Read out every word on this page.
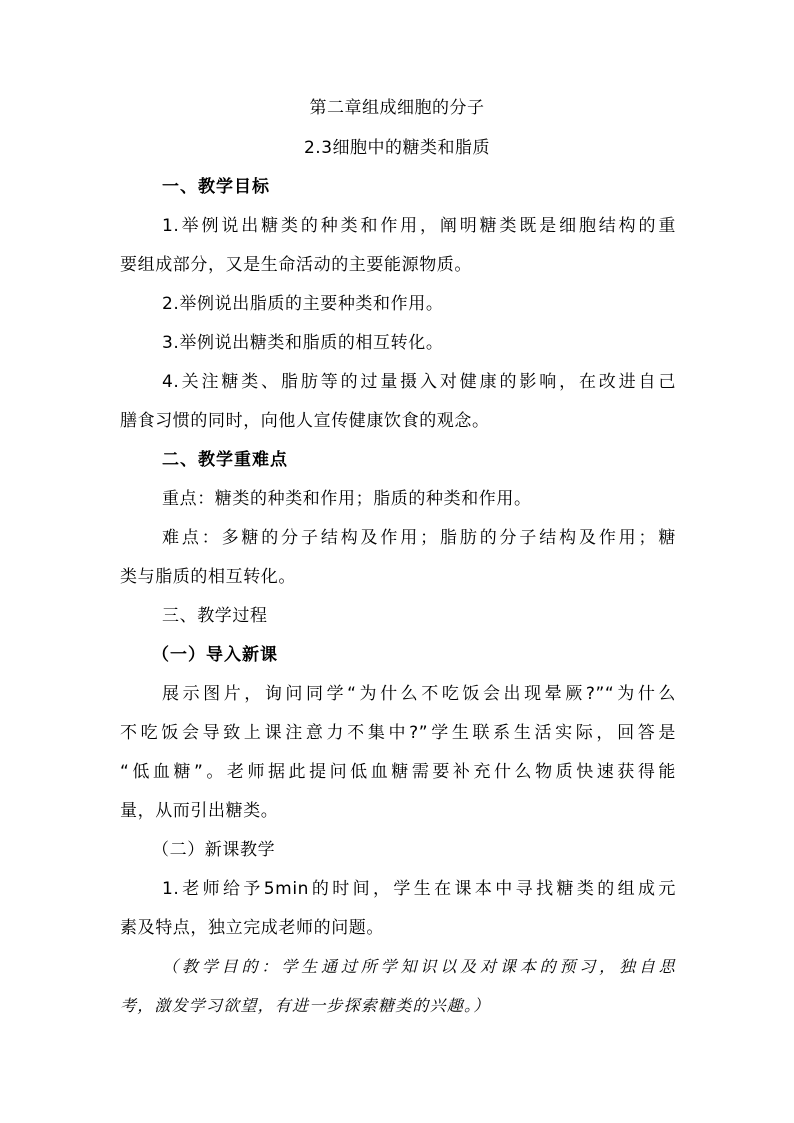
第二章组成细胞的分子
2.3细胞中的糖类和脂质
一、教学目标
1.举例说出糖类的种类和作用，阐明糖类既是细胞结构的重
要组成部分，又是生命活动的主要能源物质。
2.举例说出脂质的主要种类和作用。
3.举例说出糖类和脂质的相互转化。
4.关注糖类、脂肪等的过量摄入对健康的影响，在改进自己
膳食习惯的同时，向他人宣传健康饮食的观念。
二、教学重难点
重点：糖类的种类和作用；脂质的种类和作用。
难点：多糖的分子结构及作用；脂肪的分子结构及作用；糖
类与脂质的相互转化。
三、教学过程
（一）导入新课
展示图片，询问同学“为什么不吃饭会出现晕厥?”“为什么
不吃饭会导致上课注意力不集中?”学生联系生活实际，回答是
“低血糖”。老师据此提问低血糖需要补充什么物质快速获得能
量，从而引出糖类。
（二）新课教学
1.老师给予5min的时间，学生在课本中寻找糖类的组成元
素及特点，独立完成老师的问题。
（教学目的：学生通过所学知识以及对课本的预习，独自思
考，激发学习欲望，有进一步探索糖类的兴趣。）
